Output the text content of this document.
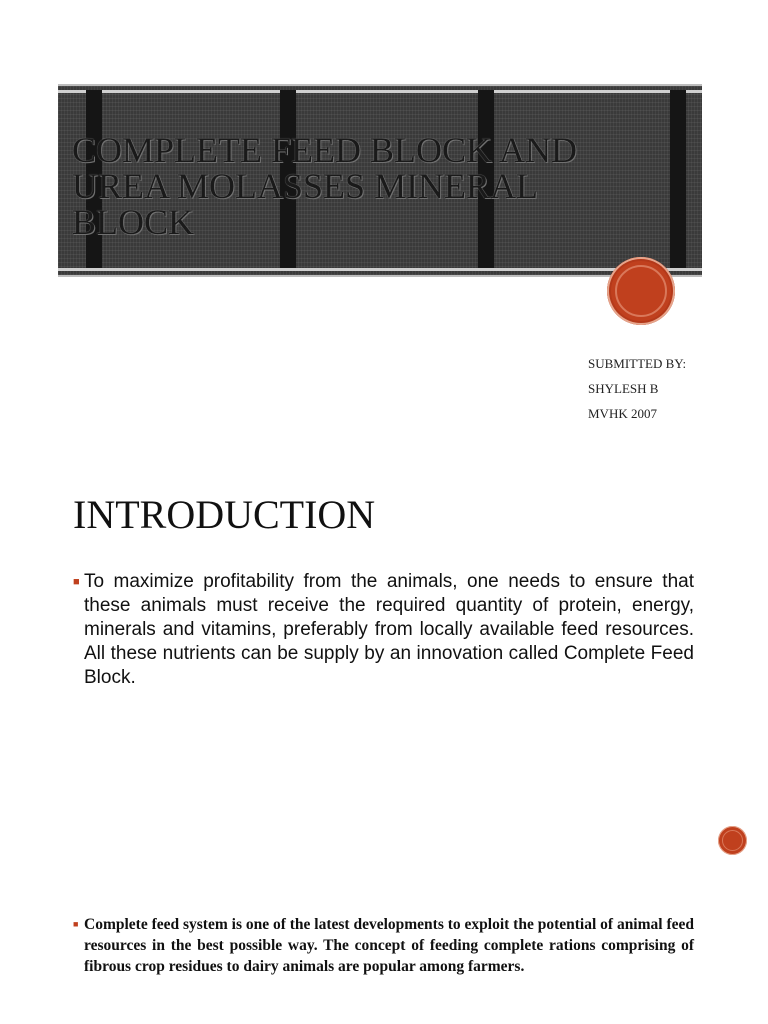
COMPLETE FEED BLOCK AND UREA MOLASSES MINERAL BLOCK
SUBMITTED BY:
SHYLESH B
MVHK 2007
INTRODUCTION
■ To maximize profitability from the animals, one needs to ensure that these animals must receive the required quantity of protein, energy, minerals and vitamins, preferably from locally available feed resources. All these nutrients can be supply by an innovation called Complete Feed Block.
■ Complete feed system is one of the latest developments to exploit the potential of animal feed resources in the best possible way. The concept of feeding complete rations comprising of fibrous crop residues to dairy animals are popular among farmers.
